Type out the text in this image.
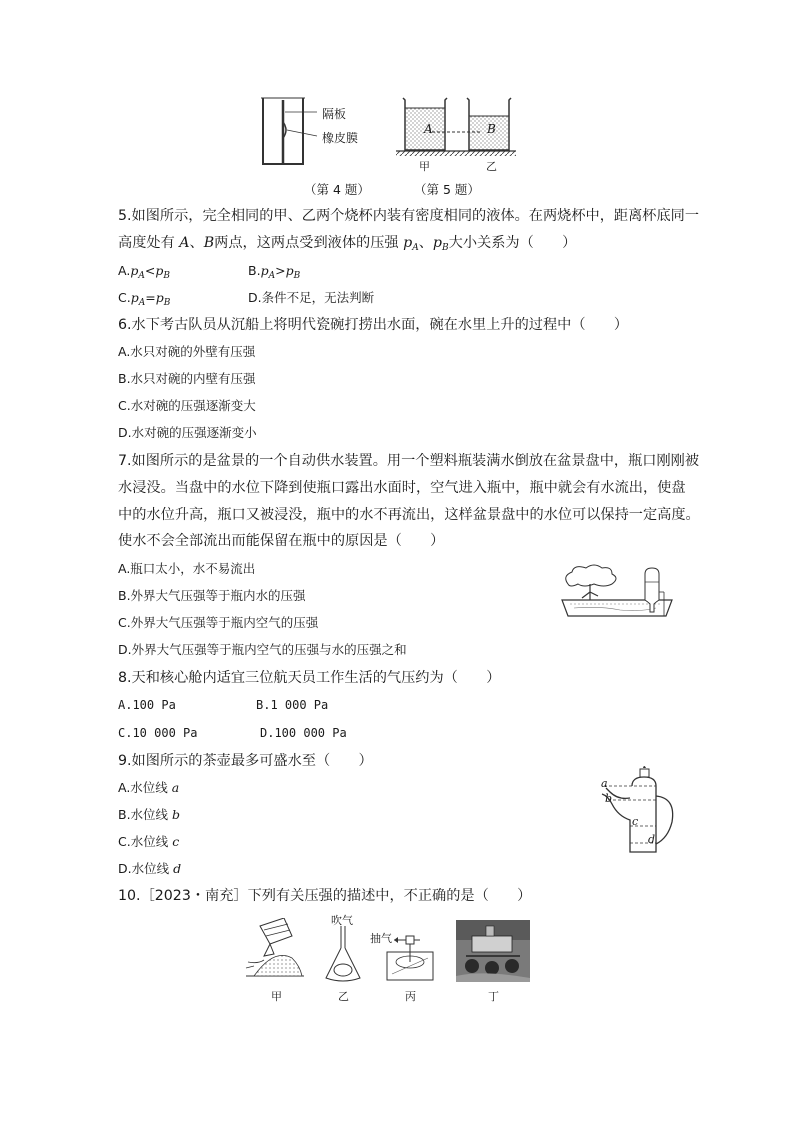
隔板
橡皮膜
A	B
甲	乙
（第 4 题）	（第 5 题）
5.如图所示，完全相同的甲、乙两个烧杯内装有密度相同的液体。在两烧杯中，距离杯底同一
高度处有 A、B两点，这两点受到液体的压强 $p_A$、$p_B$大小关系为（　　）
$A.p_A<p_B$	$B.p_A>p_B$
$C.p_A=p_B$	D.条件不足，无法判断
6.水下考古队员从沉船上将明代瓷碗打捞出水面，碗在水里上升的过程中（　　）
A.水只对碗的外壁有压强
B.水只对碗的内壁有压强
C.水对碗的压强逐渐变大
D.水对碗的压强逐渐变小
7.如图所示的是盆景的一个自动供水装置。用一个塑料瓶装满水倒放在盆景盘中，瓶口刚刚被
水浸没。当盘中的水位下降到使瓶口露出水面时，空气进入瓶中，瓶中就会有水流出，使盘
中的水位升高，瓶口又被浸没，瓶中的水不再流出，这样盆景盘中的水位可以保持一定高度。
使水不会全部流出而能保留在瓶中的原因是（　　）
A.瓶口太小，水不易流出
B.外界大气压强等于瓶内水的压强
C.外界大气压强等于瓶内空气的压强
D.外界大气压强等于瓶内空气的压强与水的压强之和
8.天和核心舱内适宜三位航天员工作生活的气压约为（　　）
A.100 Pa	B.1 000 Pa
C.10 000 Pa	D.100 000 Pa
9.如图所示的茶壶最多可盛水至（　　）
A.水位线 a
B.水位线 b
C.水位线 c
D.水位线 d
a
b
c
d
10.［2023・南充］下列有关压强的描述中，不正确的是（　　）
吹气
抽气
甲	乙	丙	丁
